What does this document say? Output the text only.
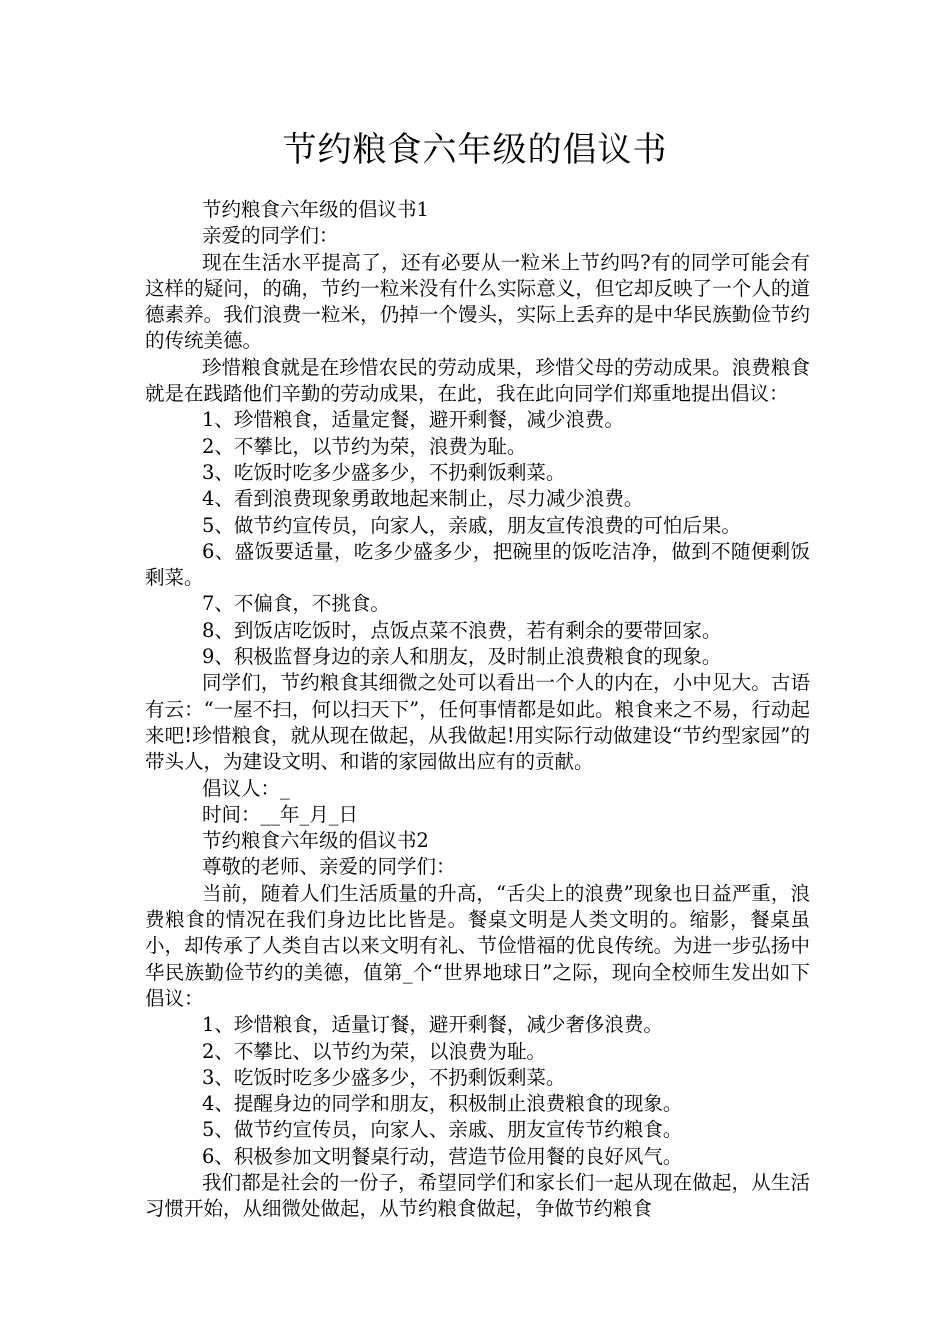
节约粮食六年级的倡议书

节约粮食六年级的倡议书1

亲爱的同学们：

现在生活水平提高了，还有必要从一粒米上节约吗?有的同学可能会有这样的疑问，的确，节约一粒米没有什么实际意义，但它却反映了一个人的道德素养。我们浪费一粒米，仍掉一个馒头，实际上丢弃的是中华民族勤俭节约的传统美德。

珍惜粮食就是在珍惜农民的劳动成果，珍惜父母的劳动成果。浪费粮食就是在践踏他们辛勤的劳动成果，在此，我在此向同学们郑重地提出倡议：

1、珍惜粮食，适量定餐，避开剩餐，减少浪费。

2、不攀比，以节约为荣，浪费为耻。

3、吃饭时吃多少盛多少，不扔剩饭剩菜。

4、看到浪费现象勇敢地起来制止，尽力减少浪费。

5、做节约宣传员，向家人，亲戚，朋友宣传浪费的可怕后果。

6、盛饭要适量，吃多少盛多少，把碗里的饭吃洁净，做到不随便剩饭剩菜。

7、不偏食，不挑食。

8、到饭店吃饭时，点饭点菜不浪费，若有剩余的要带回家。

9、积极监督身边的亲人和朋友，及时制止浪费粮食的现象。

同学们，节约粮食其细微之处可以看出一个人的内在，小中见大。古语有云：“一屋不扫，何以扫天下”，任何事情都是如此。粮食来之不易，行动起来吧!珍惜粮食，就从现在做起，从我做起!用实际行动做建设“节约型家园”的带头人，为建设文明、和谐的家园做出应有的贡献。

倡议人：_

时间：__年_月_日

节约粮食六年级的倡议书2

尊敬的老师、亲爱的同学们：

当前，随着人们生活质量的升高，“舌尖上的浪费”现象也日益严重，浪费粮食的情况在我们身边比比皆是。餐桌文明是人类文明的。缩影，餐桌虽小，却传承了人类自古以来文明有礼、节俭惜福的优良传统。为进一步弘扬中华民族勤俭节约的美德，值第_个“世界地球日”之际，现向全校师生发出如下倡议：

1、珍惜粮食，适量订餐，避开剩餐，减少奢侈浪费。

2、不攀比、以节约为荣，以浪费为耻。

3、吃饭时吃多少盛多少，不扔剩饭剩菜。

4、提醒身边的同学和朋友，积极制止浪费粮食的现象。

5、做节约宣传员，向家人、亲戚、朋友宣传节约粮食。

6、积极参加文明餐桌行动，营造节俭用餐的良好风气。

我们都是社会的一份子，希望同学们和家长们一起从现在做起，从生活习惯开始，从细微处做起，从节约粮食做起，争做节约粮食
